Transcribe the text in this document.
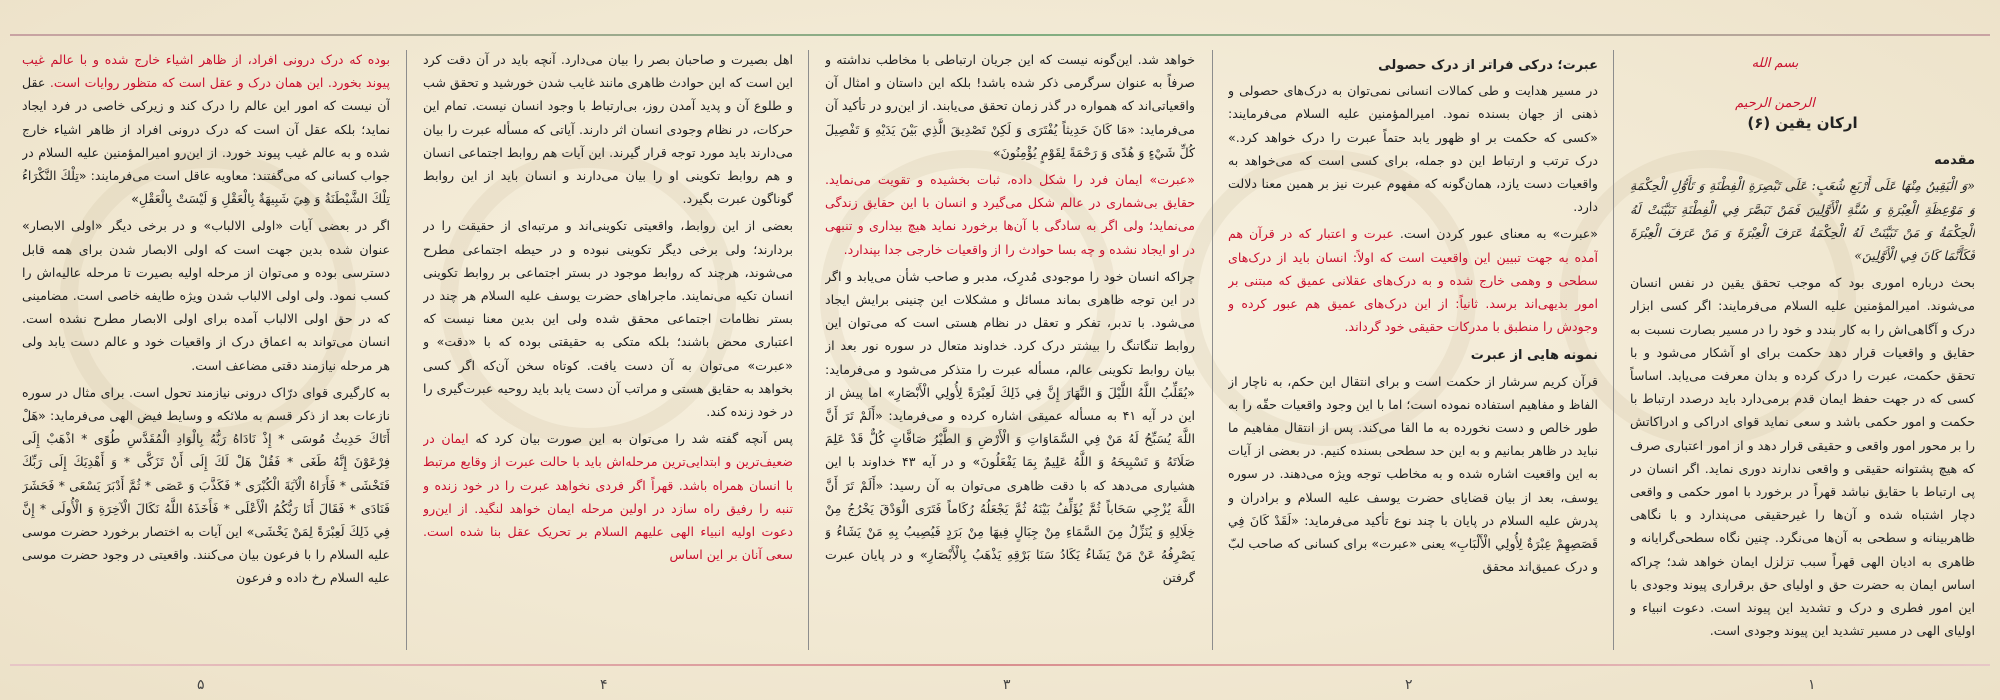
بسم الله الرحمن الرحیم
ارکان یقین (۶)
مقدمه

«وَ الْيَقِينُ مِنْهَا عَلَى أَرْبَعِ شُعَبٍ: عَلَى تَبْصِرَةِ الْفِطْنَةِ وَ تَأَوُّلِ الْحِكْمَةِ وَ مَوْعِظَةِ الْعِبْرَةِ وَ سُنَّةِ الْأَوَّلِينَ فَمَنْ تَبَصَّرَ فِي الْفِطْنَةِ تَبَيَّنَتْ لَهُ الْحِكْمَةُ وَ مَنْ تَبَيَّنَتْ لَهُ الْحِكْمَةُ عَرَفَ الْعِبْرَةَ وَ مَنْ عَرَفَ الْعِبْرَةَ فَكَأَنَّمَا كَانَ فِي الْأَوَّلِينَ»

بحث درباره اموری بود که موجب تحقق یقین در نفس انسان می‌شوند. امیرالمؤمنین علیه السلام می‌فرمایند: اگر کسی ابزار درک و آگاهی‌اش را به کار بندد و خود را در مسیر بصارت نسبت به حقایق و واقعیات قرار دهد حکمت برای او آشکار می‌شود و با تحقق حکمت، عبرت را درک کرده و بدان معرفت می‌یابد. اساساً کسی که در جهت حفظ ایمان قدم برمی‌دارد باید درصدد ارتباط با حکمت و امور حکمی باشد و سعی نماید قوای ادراکی و ادراکاتش را بر محور امور واقعی و حقیقی قرار دهد و از امور اعتباری صرف که هیچ پشتوانه حقیقی و واقعی ندارند دوری نماید. اگر انسان در پی ارتباط با حقایق نباشد قهراً در برخورد با امور حکمی و واقعی دچار اشتباه شده و آن‌ها را غیرحقیقی می‌پندارد و با نگاهی ظاهربینانه و سطحی به آن‌ها می‌نگرد. چنین نگاه سطحی‌گرایانه و ظاهری به ادیان الهی قهراً سبب تزلزل ایمان خواهد شد؛ چراکه اساس ایمان به حضرت حق و اولیای حق برقراری پیوند وجودی با این امور فطری و درک و تشدید این پیوند است. دعوت انبیاء و اولیای الهی در مسیر تشدید این پیوند وجودی است.

عبرت؛ درکی فراتر از درک حصولی

در مسیر هدایت و طی کمالات انسانی نمی‌توان به درک‌های حصولی و ذهنی از جهان بسنده نمود. امیرالمؤمنین علیه السلام می‌فرمایند: «کسی که حکمت بر او ظهور یابد حتماً عبرت را درک خواهد کرد.» درک ترتب و ارتباط این دو جمله، برای کسی است که می‌خواهد به واقعیات دست یازد، همان‌گونه که مفهوم عبرت نیز بر همین معنا دلالت دارد.

«عبرت» به معنای عبور کردن است. عبرت و اعتبار که در قرآن هم آمده به جهت تبیین این واقعیت است که اولاً: انسان باید از درک‌های سطحی و وهمی خارج شده و به درک‌های عقلانی عمیق که مبتنی بر امور بدیهی‌اند برسد. ثانیاً: از این درک‌های عمیق هم عبور کرده و وجودش را منطبق با مدرکات حقیقی خود گرداند.

نمونه هایی از عبرت

قرآن کریم سرشار از حکمت است و برای انتقال این حکم، به ناچار از الفاظ و مفاهیم استفاده نموده است؛ اما با این وجود واقعیات حقّه را به طور خالص و دست نخورده به ما القا می‌کند. پس از انتقال مفاهیم ما نباید در ظاهر بمانیم و به این حد سطحی بسنده کنیم. در بعضی از آیات به این واقعیت اشاره شده و به مخاطب توجه ویژه می‌دهند. در سوره یوسف، بعد از بیان قضایای حضرت یوسف علیه السلام و برادران و پدرش علیه السلام در پایان با چند نوع تأکید می‌فرماید: «لَقَدْ كَانَ فِي قَصَصِهِمْ عِبْرَةٌ لِأُولِي الْأَلْبَابِ» یعنی «عبرت» برای کسانی که صاحب لبّ و درک عمیق‌اند محقق

خواهد شد. این‌گونه نیست که این جریان ارتباطی با مخاطب نداشته و صرفاً به عنوان سرگرمی ذکر شده باشد! بلکه این داستان و امثال آن واقعیاتی‌اند که همواره در گذر زمان تحقق می‌یابند. از این‌رو در تأکید آن می‌فرماید: «مَا كَانَ حَدِيثاً يُفْتَرَى وَ لَكِنْ تَصْدِيقَ الَّذِي بَيْنَ يَدَيْهِ وَ تَفْصِيلَ كُلِّ شَيْءٍ وَ هُدًى وَ رَحْمَةً لِقَوْمٍ يُؤْمِنُونَ»

«عبرت» ایمان فرد را شکل داده، ثبات بخشیده و تقویت می‌نماید. حقایق بی‌شماری در عالم شکل می‌گیرد و انسان با این حقایق زندگی می‌نماید؛ ولی اگر به سادگی با آن‌ها برخورد نماید هیچ بیداری و تنبهی در او ایجاد نشده و چه بسا حوادث را از واقعیات خارجی جدا بپندارد.

چراکه انسان خود را موجودی مُدرِک، مدبر و صاحب شأن می‌یابد و اگر در این توجه ظاهری بماند مسائل و مشکلات این چنینی برایش ایجاد می‌شود. با تدبر، تفکر و تعقل در نظام هستی است که می‌توان این روابط تنگاتنگ را بیشتر درک کرد. خداوند متعال در سوره نور بعد از بیان روابط تکوینی عالم، مسأله عبرت را متذکر می‌شود و می‌فرماید: «يُقَلِّبُ اللَّهُ اللَّيْلَ وَ النَّهَارَ إِنَّ فِي ذَلِكَ لَعِبْرَةً لِأُولِي الْأَبْصَارِ» اما پیش از این در آیه ۴۱ به مسأله عمیقی اشاره کرده و می‌فرماید: «أَلَمْ تَرَ أَنَّ اللَّهَ يُسَبِّحُ لَهُ مَنْ فِي السَّمَاوَاتِ وَ الْأَرْضِ وَ الطَّيْرُ صَافَّاتٍ كُلٌّ قَدْ عَلِمَ صَلَاتَهُ وَ تَسْبِيحَهُ وَ اللَّهُ عَلِيمٌ بِمَا يَفْعَلُونَ» و در آیه ۴۳ خداوند با این هشیاری می‌دهد که با دقت ظاهری می‌توان به آن رسید: «أَلَمْ تَرَ أَنَّ اللَّهَ يُزْجِي سَحَاباً ثُمَّ يُؤَلِّفُ بَيْنَهُ ثُمَّ يَجْعَلُهُ رُكَاماً فَتَرَى الْوَدْقَ يَخْرُجُ مِنْ خِلَالِهِ وَ يُنَزِّلُ مِنَ السَّمَاءِ مِنْ جِبَالٍ فِيهَا مِنْ بَرَدٍ فَيُصِيبُ بِهِ مَنْ يَشَاءُ وَ يَصْرِفُهُ عَنْ مَنْ يَشَاءُ يَكَادُ سَنَا بَرْقِهِ يَذْهَبُ بِالْأَبْصَارِ» و در پایان عبرت گرفتن

اهل بصیرت و صاحبان بصر را بیان می‌دارد. آنچه باید در آن دقت کرد این است که این حوادث ظاهری مانند غایب شدن خورشید و تحقق شب و طلوع آن و پدید آمدن روز، بی‌ارتباط با وجود انسان نیست. تمام این حرکات، در نظام وجودی انسان اثر دارند. آیاتی که مسأله عبرت را بیان می‌دارند باید مورد توجه قرار گیرند. این آیات هم روابط اجتماعی انسان و هم روابط تکوینی او را بیان می‌دارند و انسان باید از این روابط گوناگون عبرت بگیرد.

بعضی از این روابط، واقعیتی تکوینی‌اند و مرتبه‌ای از حقیقت را در بردارند؛ ولی برخی دیگر تکوینی نبوده و در حیطه اجتماعی مطرح می‌شوند، هرچند که روابط موجود در بستر اجتماعی بر روابط تکوینی انسان تکیه می‌نمایند. ماجراهای حضرت یوسف علیه السلام هر چند در بستر نظامات اجتماعی محقق شده ولی این بدین معنا نیست که اعتباری محض باشند؛ بلکه متکی به حقیقتی بوده که با «دقت» و «عبرت» می‌توان به آن دست یافت. کوتاه سخن آن‌که اگر کسی بخواهد به حقایق هستی و مراتب آن دست یابد باید روحیه عبرت‌گیری را در خود زنده کند.

پس آنچه گفته شد را می‌توان به این صورت بیان کرد که ایمان در ضعیف‌ترین و ابتدایی‌ترین مرحله‌اش باید با حالت عبرت از وقایع مرتبط با انسان همراه باشد. قهراً اگر فردی نخواهد عبرت را در خود زنده و تنبه را رفیق راه سازد در اولین مرحله ایمان خواهد لنگید. از این‌رو دعوت اولیه انبیاء الهی علیهم السلام بر تحریک عقل بنا شده است. سعی آنان بر این اساس

بوده که درک درونی افراد، از ظاهر اشیاء خارج شده و با عالم غیب پیوند بخورد. این همان درک و عقل است که متظور روایات است. عقل آن نیست که امور این عالم را درک کند و زیرکی خاصی در فرد ایجاد نماید؛ بلکه عقل آن است که درک درونی افراد از ظاهر اشیاء خارج شده و به عالم غیب پیوند خورد. از این‌رو امیرالمؤمنین علیه السلام در جواب کسانی که می‌گفتند: معاویه عاقل است می‌فرمایند: «تِلْكَ النَّكْرَاءُ تِلْكَ الشَّيْطَنَةُ وَ هِيَ شَبِيهَةٌ بِالْعَقْلِ وَ لَيْسَتْ بِالْعَقْلِ»

اگر در بعضی آیات «اولی الالباب» و در برخی دیگر «اولی الابصار» عنوان شده بدین جهت است که اولی الابصار شدن برای همه قابل دسترسی بوده و می‌توان از مرحله اولیه بصیرت تا مرحله عالیه‌اش را کسب نمود. ولی اولی الالباب شدن ویژه طایفه خاصی است. مضامینی که در حق اولی الالباب آمده برای اولی الابصار مطرح نشده است. انسان می‌تواند به اعماق درک از واقعیات خود و عالم دست یابد ولی هر مرحله نیازمند دقتی مضاعف است.

به کارگیری قوای درّاک درونی نیازمند تحول است. برای مثال در سوره نازعات بعد از ذکر قسم به ملائکه و وسایط فیض الهی می‌فرماید: «هَلْ أَتَاكَ حَدِيثُ مُوسَى * إِذْ نَادَاهُ رَبُّهُ بِالْوَادِ الْمُقَدَّسِ طُوًى * اذْهَبْ إِلَى فِرْعَوْنَ إِنَّهُ طَغَى * فَقُلْ هَلْ لَكَ إِلَى أَنْ تَزَكَّى * وَ أَهْدِيَكَ إِلَى رَبِّكَ فَتَخْشَى * فَأَرَاهُ الْآيَةَ الْكُبْرَى * فَكَذَّبَ وَ عَصَى * ثُمَّ أَدْبَرَ يَسْعَى * فَحَشَرَ فَنَادَى * فَقَالَ أَنَا رَبُّكُمُ الْأَعْلَى * فَأَخَذَهُ اللَّهُ نَكَالَ الْآخِرَةِ وَ الْأُولَى * إِنَّ فِي ذَلِكَ لَعِبْرَةً لِمَنْ يَخْشَى» این آیات به اختصار برخورد حضرت موسی علیه السلام را با فرعون بیان می‌کنند. واقعیتی در وجود حضرت موسی علیه السلام رخ داده و فرعون

۱
۲
۳
۴
۵
